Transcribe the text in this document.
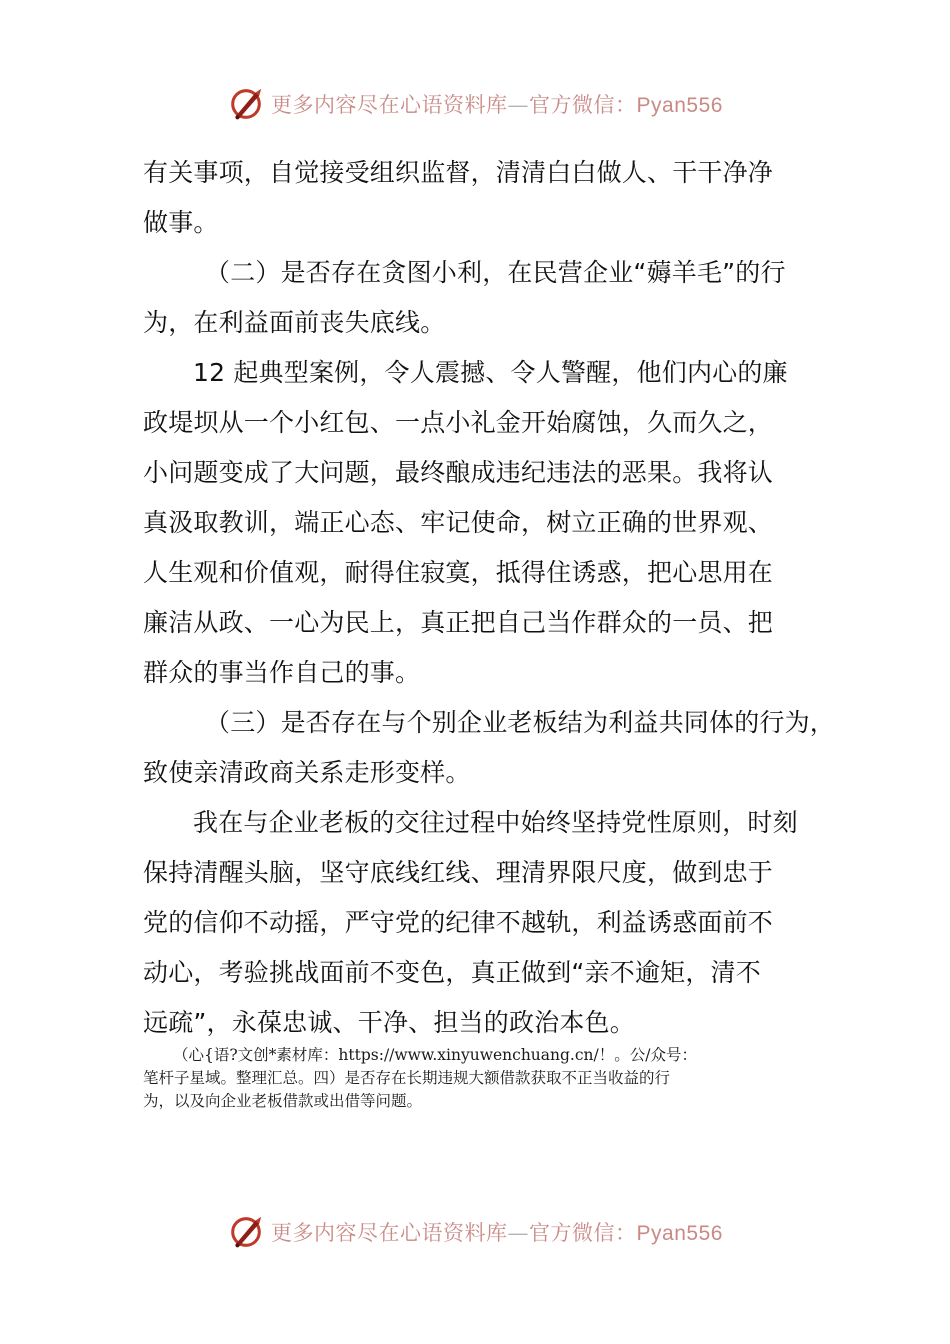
更多内容尽在心语资料库—官方微信：Pyan556

有关事项，自觉接受组织监督，清清白白做人、干干净净

做事。

（二）是否存在贪图小利，在民营企业“薅羊毛”的行

为，在利益面前丧失底线。

12 起典型案例，令人震撼、令人警醒，他们内心的廉

政堤坝从一个小红包、一点小礼金开始腐蚀，久而久之，

小问题变成了大问题，最终酿成违纪违法的恶果。我将认

真汲取教训，端正心态、牢记使命，树立正确的世界观、

人生观和价值观，耐得住寂寞，抵得住诱惑，把心思用在

廉洁从政、一心为民上，真正把自己当作群众的一员、把

群众的事当作自己的事。

（三）是否存在与个别企业老板结为利益共同体的行为，

致使亲清政商关系走形变样。

我在与企业老板的交往过程中始终坚持党性原则，时刻

保持清醒头脑，坚守底线红线、理清界限尺度，做到忠于

党的信仰不动摇，严守党的纪律不越轨，利益诱惑面前不

动心，考验挑战面前不变色，真正做到“亲不逾矩，清不

远疏”，永葆忠诚、干净、担当的政治本色。

（心{语?文创*素材库：https://www.xinyuwenchuang.cn/！。公/众号：
笔杆子星域。整理汇总。四）是否存在长期违规大额借款获取不正当收益的行
为，以及向企业老板借款或出借等问题。
更多内容尽在心语资料库—官方微信：Pyan556
